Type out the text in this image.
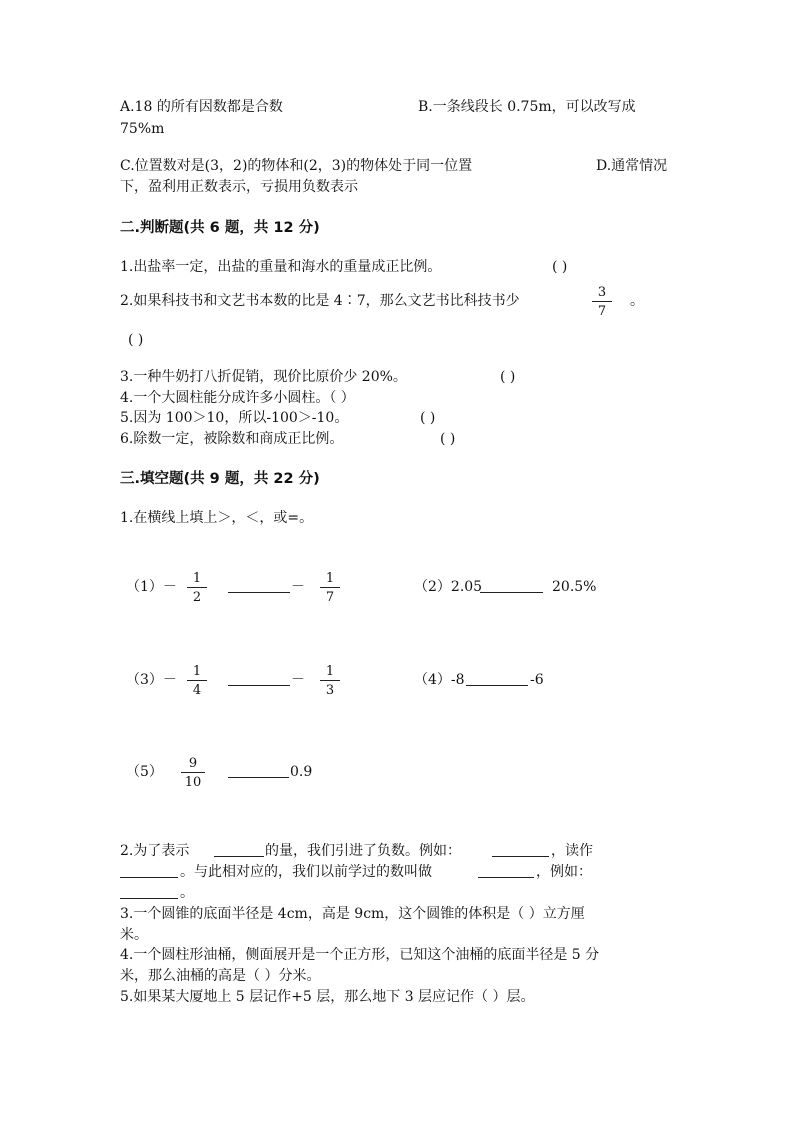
A.18 的所有因数都是合数	B.一条线段长 0.75m，可以改写成
75%m
C.位置数对是(3，2)的物体和(2，3)的物体处于同一位置	D.通常情况
下，盈利用正数表示，亏损用负数表示
二.判断题(共 6 题，共 12 分)
1.出盐率一定，出盐的重量和海水的重量成正比例。	( )
2.如果科技书和文艺书本数的比是 4∶7，那么文艺书比科技书少
3
7
。
( )
3.一种牛奶打八折促销，现价比原价少 20%。	( )
4.一个大圆柱能分成许多小圆柱。（ ）
5.因为 100＞10，所以-100＞-10。	( )
6.除数一定，被除数和商成正比例。	( )
三.填空题(共 9 题，共 22 分)
1.在横线上填上＞，＜，或=。
（1）－
1
2
－
1
7
（2）2.05	20.5%
（3）－
1
4
－
1
3
（4）-8	-6
（5）
9
10
0.9
2.为了表示	的量，我们引进了负数。例如：	，读作
。与此相对应的，我们以前学过的数叫做	，例如：
。
3.一个圆锥的底面半径是 4cm，高是 9cm，这个圆锥的体积是（ ）立方厘
米。
4.一个圆柱形油桶，侧面展开是一个正方形，已知这个油桶的底面半径是 5 分
米，那么油桶的高是（ ）分米。
5.如果某大厦地上 5 层记作+5 层，那么地下 3 层应记作（ ）层。
